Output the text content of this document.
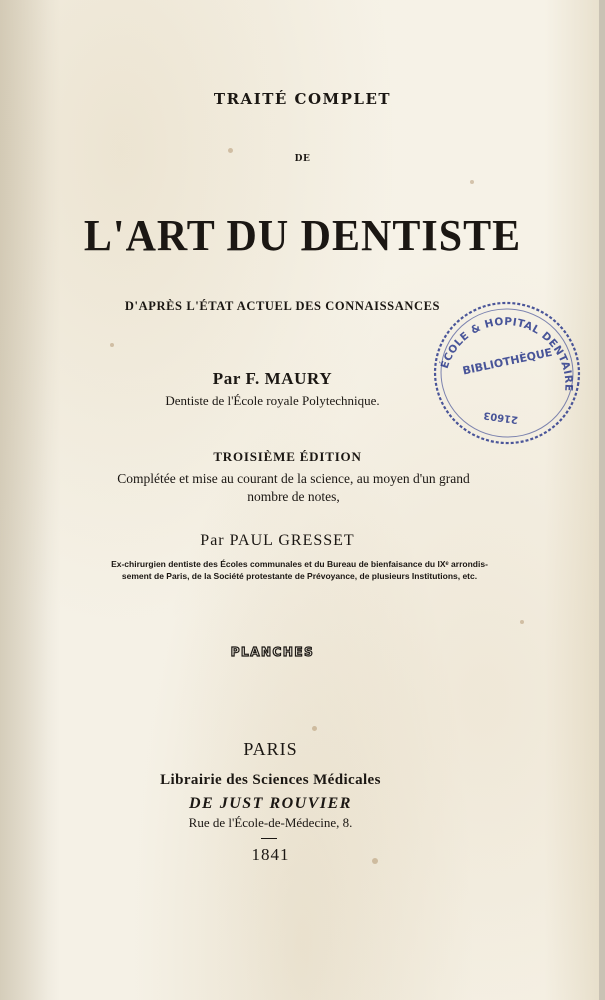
TRAITÉ COMPLET
DE
L'ART DU DENTISTE
D'APRÈS L'ÉTAT ACTUEL DES CONNAISSANCES
Par F. MAURY
Dentiste de l'École royale Polytechnique.
TROISIÈME ÉDITION
Complétée et mise au courant de la science, au moyen d'un grand
nombre de notes,
Par PAUL GRESSET
Ex-chirurgien dentiste des Écoles communales et du Bureau de bienfaisance du IXᵉ arrondis-
sement de Paris, de la Société protestante de Prévoyance, de plusieurs Institutions, etc.
PLANCHES
PARIS
Librairie des Sciences Médicales
DE JUST ROUVIER
Rue de l'École-de-Médecine, 8.
1841
ÉCOLE & HOPITAL DENTAIRES
BIBLIOTHÈQUE
21603
